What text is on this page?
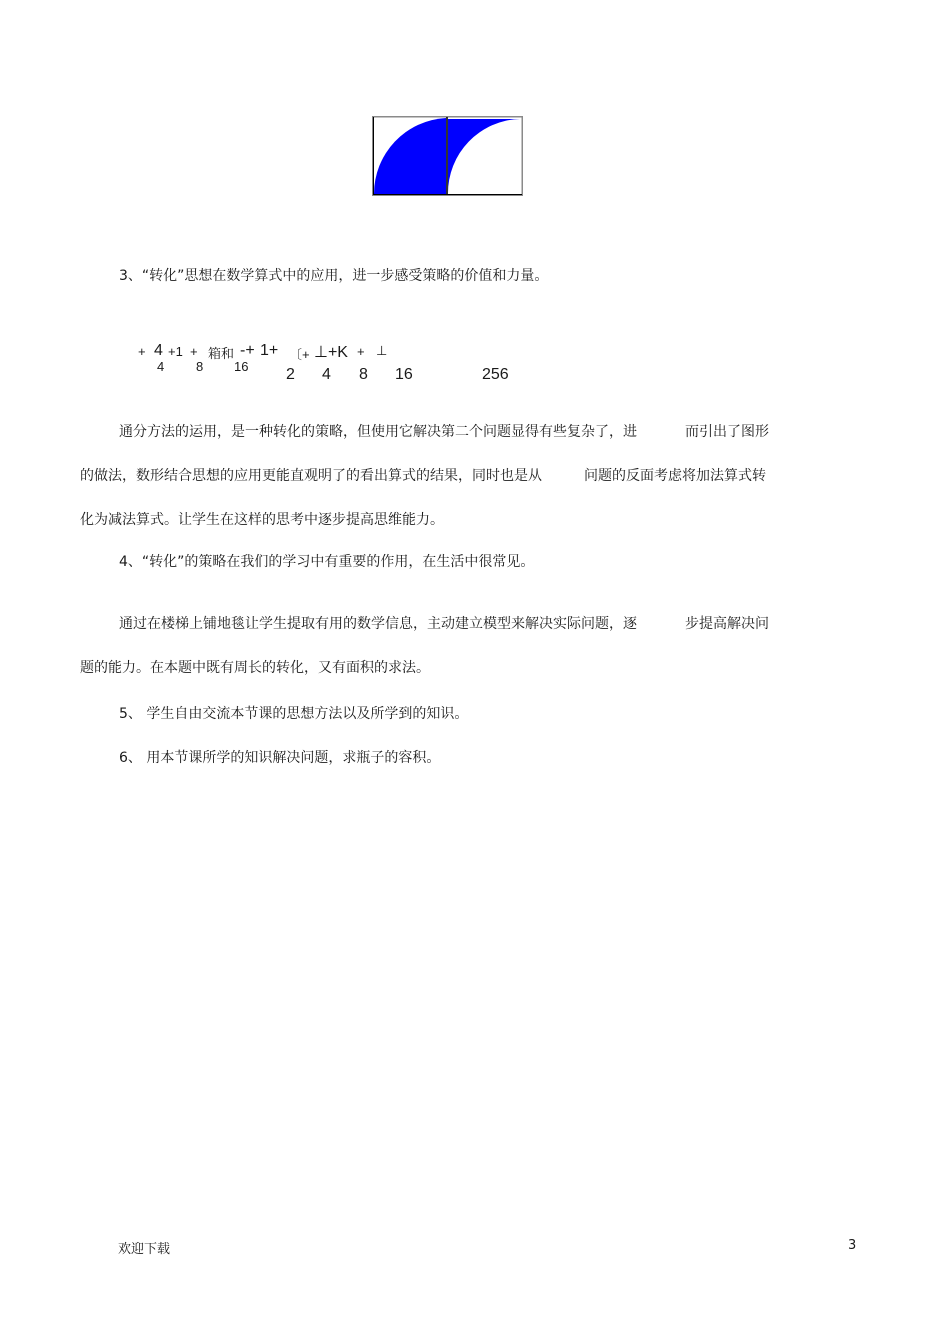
3、“转化”思想在数学算式中的应用，进一步感受策略的价值和力量。
+ 4 +1 + 箱和 -+ 1+ 〔+ ⊥+K + ⊥
4 8 16 2 4 8 16	256
通分方法的运用，是一种转化的策略，但使用它解决第二个问题显得有些复杂了，进	而引出了图形
的做法，数形结合思想的应用更能直观明了的看出算式的结果，同时也是从	问题的反面考虑将加法算式转
化为减法算式。让学生在这样的思考中逐步提高思维能力。
4、“转化”的策略在我们的学习中有重要的作用，在生活中很常见。
通过在楼梯上铺地毯让学生提取有用的数学信息，主动建立模型来解决实际问题，逐	步提高解决问
题的能力。在本题中既有周长的转化，又有面积的求法。
5、 学生自由交流本节课的思想方法以及所学到的知识。
6、 用本节课所学的知识解决问题，求瓶子的容积。
欢迎下载	3
